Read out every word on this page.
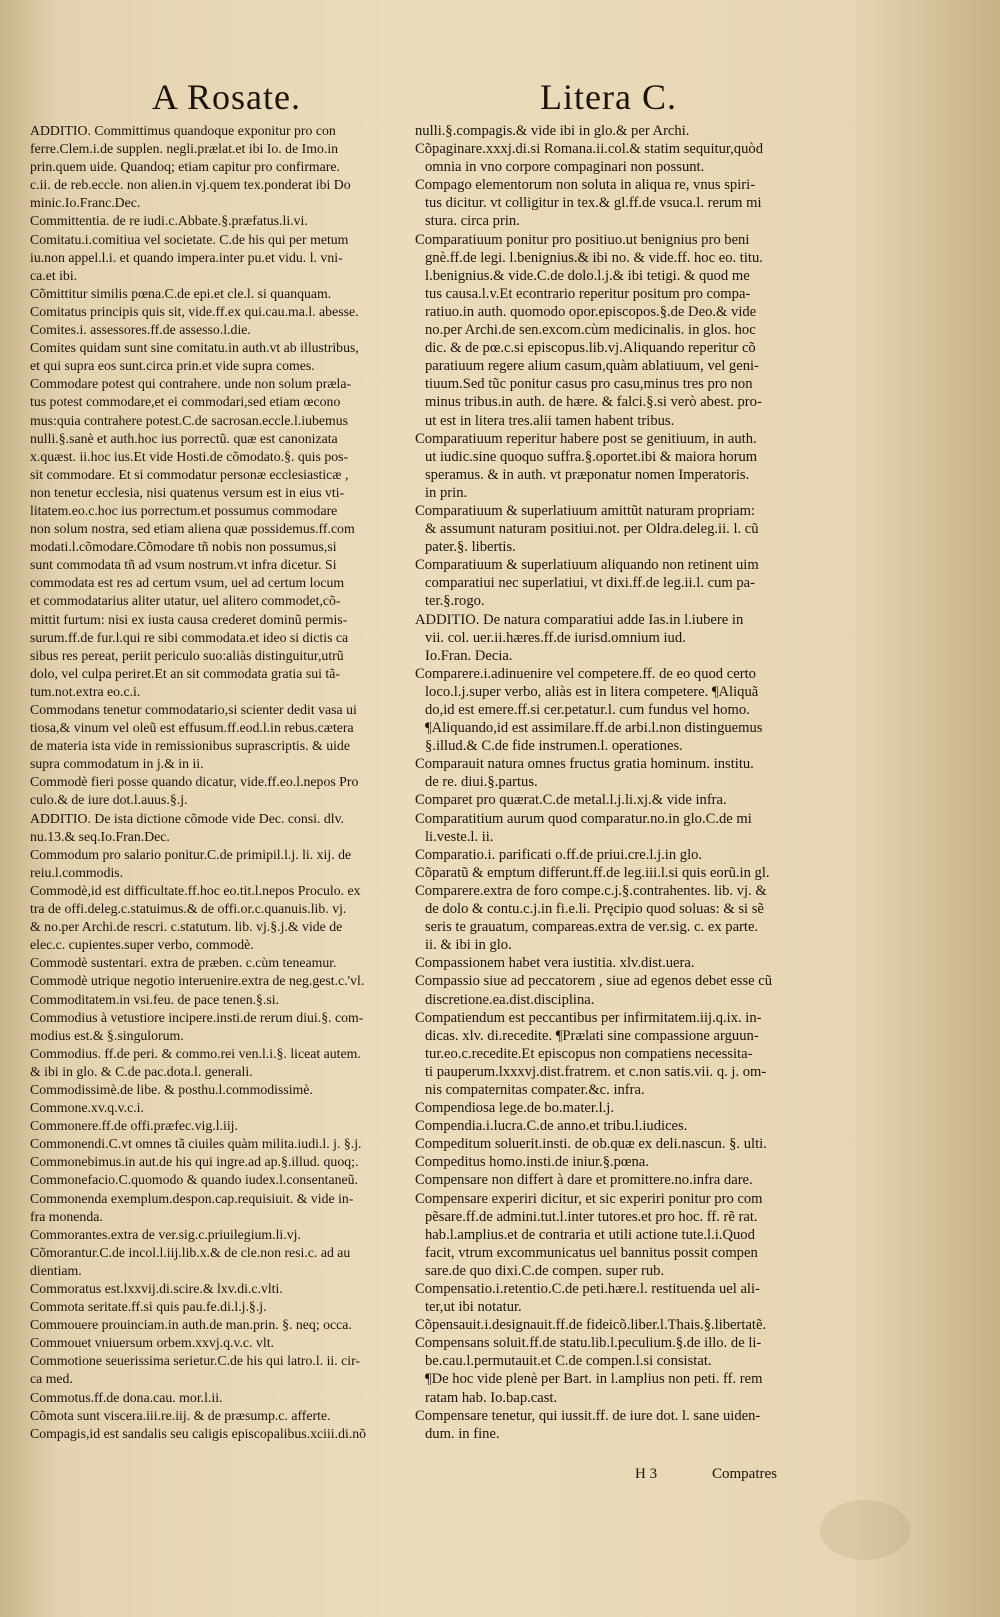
A Rosate.	Litera C.
ADDITIO. Committimus quandoque exponitur pro con
ferre.Clem.i.de supplen. negli.prælat.et ibi Io. de Imo.in
prin.quem uide. Quandoq; etiam capitur pro confirmare.
c.ii. de reb.eccle. non alien.in vj.quem tex.ponderat ibi Do
minic.Io.Franc.Dec.
Committentia. de re iudi.c.Abbate.§.præfatus.li.vi.
Comitatu.i.comitiua vel societate. C.de his qui per metum
iu.non appel.l.i. et quando impera.inter pu.et vidu. l. vni-
ca.et ibi.
Cõmittitur similis pœna.C.de epi.et cle.l. si quanquam.
Comitatus principis quis sit, vide.ff.ex qui.cau.ma.l. abesse.
Comites.i. assessores.ff.de assesso.l.die.
Comites quidam sunt sine comitatu.in auth.vt ab illustribus,
et qui supra eos sunt.circa prin.et vide supra comes.
Commodare potest qui contrahere. unde non solum præla-
tus potest commodare,et ei commodari,sed etiam œcono
mus:quia contrahere potest.C.de sacrosan.eccle.l.iubemus
nulli.§.sanè et auth.hoc ius porrectũ. quæ est canonizata
x.quæst. ii.hoc ius.Et vide Hosti.de cõmodato.§. quis pos-
sit commodare. Et si commodatur personæ ecclesiasticæ ,
non tenetur ecclesia, nisi quatenus versum est in eius vti-
litatem.eo.c.hoc ius porrectum.et possumus commodare
non solum nostra, sed etiam aliena quæ possidemus.ff.com
modati.l.cõmodare.Cõmodare tñ nobis non possumus,si
sunt commodata tñ ad vsum nostrum.vt infra dicetur. Si
commodata est res ad certum vsum, uel ad certum locum
et commodatarius aliter utatur, uel alitero commodet,cõ-
mittit furtum: nisi ex iusta causa crederet dominũ permis-
surum.ff.de fur.l.qui re sibi commodata.et ideo si dictis ca
sibus res pereat, periit periculo suo:aliàs distinguitur,utrũ
dolo, vel culpa periret.Et an sit commodata gratia sui tã-
tum.not.extra eo.c.i.
Commodans tenetur commodatario,si scienter dedit vasa ui
tiosa,& vinum vel oleũ est effusum.ff.eod.l.in rebus.cætera
de materia ista vide in remissionibus suprascriptis. & uide
supra commodatum in j.& in ii.
Commodè fieri posse quando dicatur, vide.ff.eo.l.nepos Pro
culo.& de iure dot.l.auus.§.j.
ADDITIO. De ista dictione cõmode vide Dec. consi. dlv.
nu.13.& seq.Io.Fran.Dec.
Commodum pro salario ponitur.C.de primipil.l.j. li. xij. de
reiu.l.commodis.
Commodè,id est difficultate.ff.hoc eo.tit.l.nepos Proculo. ex
tra de offi.deleg.c.statuimus.& de offi.or.c.quanuis.lib. vj.
& no.per Archi.de rescri. c.statutum. lib. vj.§.j.& vide de
elec.c. cupientes.super verbo, commodè.
Commodè sustentari. extra de præben. c.cùm teneamur.
Commodè utrique negotio interuenire.extra de neg.gest.c.'vl.
Commoditatem.in vsi.feu. de pace tenen.§.si.
Commodius à vetustiore incipere.insti.de rerum diui.§. com-
modius est.& §.singulorum.
Commodius. ff.de peri. & commo.rei ven.l.i.§. liceat autem.
& ibi in glo. & C.de pac.dota.l. generali.
Commodissimè.de libe. & posthu.l.commodissimè.
Commone.xv.q.v.c.i.
Commonere.ff.de offi.præfec.vig.l.iij.
Commonendi.C.vt omnes tã ciuiles quàm milita.iudi.l. j. §.j.
Commonebimus.in aut.de his qui ingre.ad ap.§.illud. quoq;.
Commonefacio.C.quomodo & quando iudex.l.consentaneũ.
Commonenda exemplum.despon.cap.requisiuit. & vide in-
fra monenda.
Commorantes.extra de ver.sig.c.priuilegium.li.vj.
Cõmorantur.C.de incol.l.iij.lib.x.& de cle.non resi.c. ad au
dientiam.
Commoratus est.lxxvij.di.scire.& lxv.di.c.vlti.
Commota seritate.ff.si quis pau.fe.di.l.j.§.j.
Commouere prouinciam.in auth.de man.prin. §. neq; occa.
Commouet vniuersum orbem.xxvj.q.v.c. vlt.
Commotione seuerissima serietur.C.de his qui latro.l. ii. cir-
ca med.
Commotus.ff.de dona.cau. mor.l.ii.
Cõmota sunt viscera.iii.re.iij. & de præsump.c. afferte.
Compagis,id est sandalis seu caligis episcopalibus.xciii.di.nõ
nulli.§.compagis.& vide ibi in glo.& per Archi.
Cõpaginare.xxxj.di.si Romana.ii.col.& statim sequitur,quòd
omnia in vno corpore compaginari non possunt.
Compago elementorum non soluta in aliqua re, vnus spiri-
tus dicitur. vt colligitur in tex.& gl.ff.de vsuca.l. rerum mi
stura. circa prin.
Comparatiuum ponitur pro positiuo.ut benignius pro beni
gnè.ff.de legi. l.benignius.& ibi no. & vide.ff. hoc eo. titu.
l.benignius.& vide.C.de dolo.l.j.& ibi tetigi. & quod me
tus causa.l.v.Et econtrario reperitur positum pro compa-
ratiuo.in auth. quomodo opor.episcopos.§.de Deo.& vide
no.per Archi.de sen.excom.cùm medicinalis. in glos. hoc
dic. & de pœ.c.si episcopus.lib.vj.Aliquando reperitur cõ
paratiuum regere alium casum,quàm ablatiuum, vel geni-
tiuum.Sed tũc ponitur casus pro casu,minus tres pro non
minus tribus.in auth. de hære. & falci.§.si verò abest. pro-
ut est in litera tres.alii tamen habent tribus.
Comparatiuum reperitur habere post se genitiuum, in auth.
ut iudic.sine quoquo suffra.§.oportet.ibi & maiora horum
speramus. & in auth. vt præponatur nomen Imperatoris.
in prin.
Comparatiuum & superlatiuum amittũt naturam propriam:
& assumunt naturam positiui.not. per Oldra.deleg.ii. l. cũ
pater.§. libertis.
Comparatiuum & superlatiuum aliquando non retinent uim
comparatiui nec superlatiui, vt dixi.ff.de leg.ii.l. cum pa-
ter.§.rogo.
ADDITIO. De natura comparatiui adde Ias.in l.iubere in
vii. col. uer.ii.hæres.ff.de iurisd.omnium iud.
Io.Fran. Decia.
Comparere.i.adinuenire vel competere.ff. de eo quod certo
loco.l.j.super verbo, aliàs est in litera competere. ¶Aliquã
do,id est emere.ff.si cer.petatur.l. cum fundus vel homo.
¶Aliquando,id est assimilare.ff.de arbi.l.non distinguemus
§.illud.& C.de fide instrumen.l. operationes.
Comparauit natura omnes fructus gratia hominum. institu.
de re. diui.§.partus.
Comparet pro quærat.C.de metal.l.j.li.xj.& vide infra.
Comparatitium aurum quod comparatur.no.in glo.C.de mi
li.veste.l. ii.
Comparatio.i. parificati o.ff.de priui.cre.l.j.in glo.
Cõparatũ & emptum differunt.ff.de leg.iii.l.si quis eorũ.in gl.
Comparere.extra de foro compe.c.j.§.contrahentes. lib. vj. &
de dolo & contu.c.j.in fi.e.li. Pręcipio quod soluas: & si sẽ
seris te grauatum, compareas.extra de ver.sig. c. ex parte.
ii. & ibi in glo.
Compassionem habet vera iustitia. xlv.dist.uera.
Compassio siue ad peccatorem , siue ad egenos debet esse cũ
discretione.ea.dist.disciplina.
Compatiendum est peccantibus per infirmitatem.iij.q.ix. in-
dicas. xlv. di.recedite. ¶Prælati sine compassione arguun-
tur.eo.c.recedite.Et episcopus non compatiens necessita-
ti pauperum.lxxxvj.dist.fratrem. et c.non satis.vii. q. j. om-
nis compaternitas compater.&c. infra.
Compendiosa lege.de bo.mater.l.j.
Compendia.i.lucra.C.de anno.et tribu.l.iudices.
Compeditum soluerit.insti. de ob.quæ ex deli.nascun. §. ulti.
Compeditus homo.insti.de iniur.§.pœna.
Compensare non differt à dare et promittere.no.infra dare.
Compensare experiri dicitur, et sic experiri ponitur pro com
pẽsare.ff.de admini.tut.l.inter tutores.et pro hoc. ff. rẽ rat.
hab.l.amplius.et de contraria et utili actione tute.l.i.Quod
facit, vtrum excommunicatus uel bannitus possit compen
sare.de quo dixi.C.de compen. super rub.
Compensatio.i.retentio.C.de peti.hære.l. restituenda uel ali-
ter,ut ibi notatur.
Cõpensauit.i.designauit.ff.de fideicõ.liber.l.Thais.§.libertatẽ.
Compensans soluit.ff.de statu.lib.l.peculium.§.de illo. de li-
be.cau.l.permutauit.et C.de compen.l.si consistat.
¶De hoc vide plenè per Bart. in l.amplius non peti. ff. rem
ratam hab. Io.bap.cast.
Compensare tenetur, qui iussit.ff. de iure dot. l. sane uiden-
dum. in fine.
H 3	Compatres
